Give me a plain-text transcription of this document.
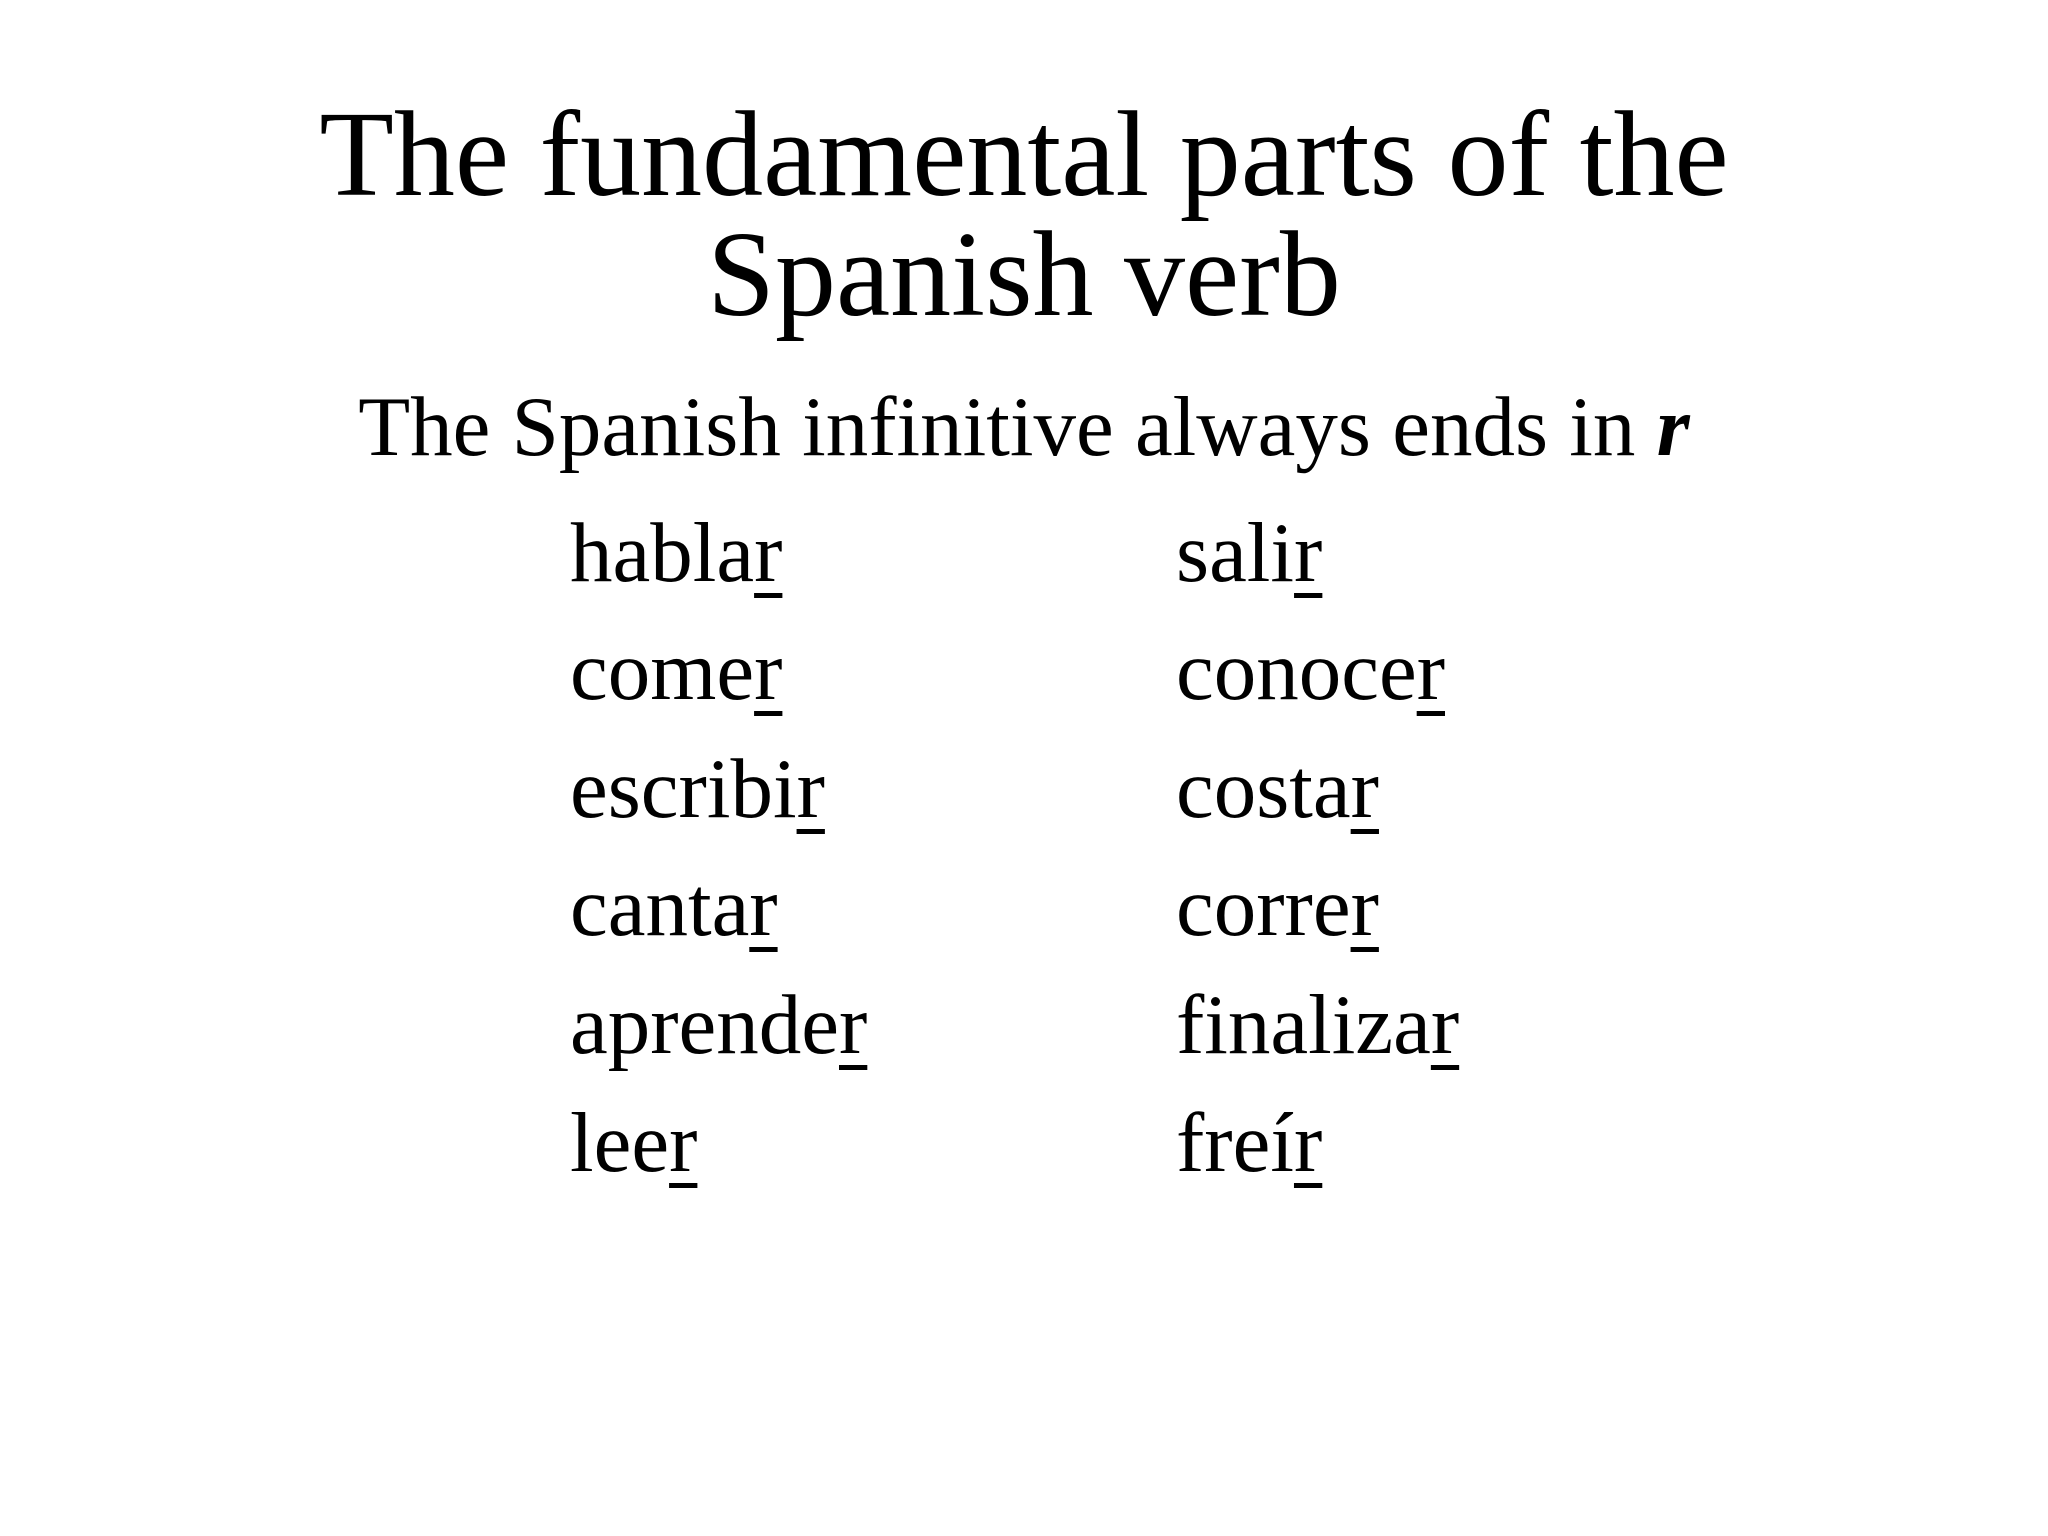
The fundamental parts of the
Spanish verb

The Spanish infinitive always ends in r

hablar
comer
escribir
cantar
aprender
leer
salir
conocer
costar
correr
finalizar
freír
